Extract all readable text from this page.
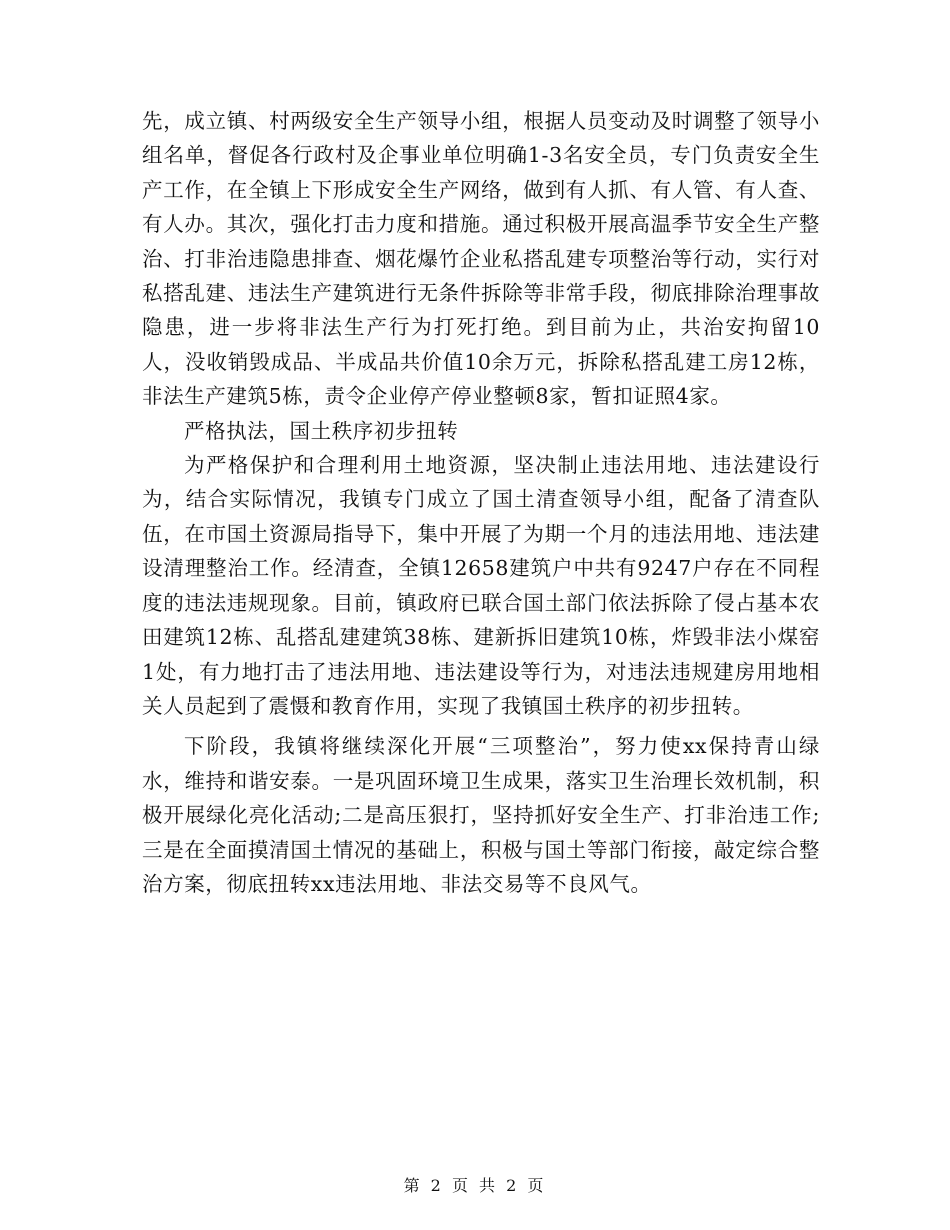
先，成立镇、村两级安全生产领导小组，根据人员变动及时调整了领导小组名单，督促各行政村及企事业单位明确1-3名安全员，专门负责安全生产工作，在全镇上下形成安全生产网络，做到有人抓、有人管、有人查、有人办。其次，强化打击力度和措施。通过积极开展高温季节安全生产整治、打非治违隐患排查、烟花爆竹企业私搭乱建专项整治等行动，实行对私搭乱建、违法生产建筑进行无条件拆除等非常手段，彻底排除治理事故隐患，进一步将非法生产行为打死打绝。到目前为止，共治安拘留10人，没收销毁成品、半成品共价值10余万元，拆除私搭乱建工房12栋，非法生产建筑5栋，责令企业停产停业整顿8家，暂扣证照4家。

严格执法，国土秩序初步扭转

为严格保护和合理利用土地资源，坚决制止违法用地、违法建设行为，结合实际情况，我镇专门成立了国土清查领导小组，配备了清查队伍，在市国土资源局指导下，集中开展了为期一个月的违法用地、违法建设清理整治工作。经清查，全镇12658建筑户中共有9247户存在不同程度的违法违规现象。目前，镇政府已联合国土部门依法拆除了侵占基本农田建筑12栋、乱搭乱建建筑38栋、建新拆旧建筑10栋，炸毁非法小煤窑1处，有力地打击了违法用地、违法建设等行为，对违法违规建房用地相关人员起到了震慑和教育作用，实现了我镇国土秩序的初步扭转。

下阶段，我镇将继续深化开展“三项整治”，努力使xx保持青山绿水，维持和谐安泰。一是巩固环境卫生成果，落实卫生治理长效机制，积极开展绿化亮化活动;二是高压狠打，坚持抓好安全生产、打非治违工作;三是在全面摸清国土情况的基础上，积极与国土等部门衔接，敲定综合整治方案，彻底扭转xx违法用地、非法交易等不良风气。

第 2 页 共 2 页
